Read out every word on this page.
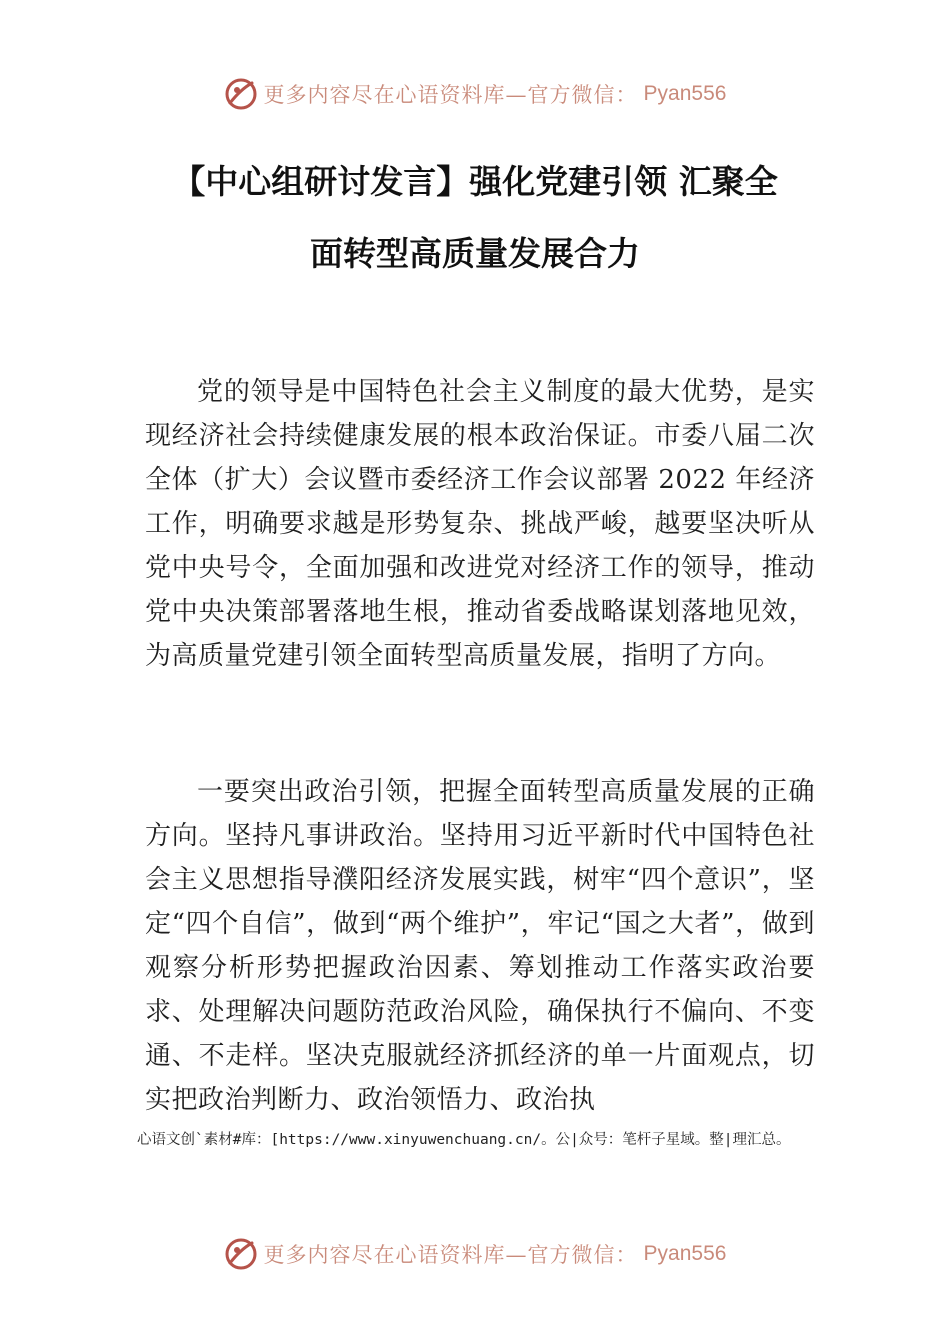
更多内容尽在心语资料库—官方微信： Pyan556
【中心组研讨发言】强化党建引领 汇聚全
面转型高质量发展合力

党的领导是中国特色社会主义制度的最大优势，是实现经济社会持续健康发展的根本政治保证。市委八届二次全体（扩大）会议暨市委经济工作会议部署 2022 年经济工作，明确要求越是形势复杂、挑战严峻，越要坚决听从党中央号令，全面加强和改进党对经济工作的领导，推动党中央决策部署落地生根，推动省委战略谋划落地见效，为高质量党建引领全面转型高质量发展，指明了方向。

一要突出政治引领，把握全面转型高质量发展的正确方向。坚持凡事讲政治。坚持用习近平新时代中国特色社会主义思想指导濮阳经济发展实践，树牢“四个意识”，坚定“四个自信”，做到“两个维护”，牢记“国之大者”，做到观察分析形势把握政治因素、筹划推动工作落实政治要求、处理解决问题防范政治风险，确保执行不偏向、不变通、不走样。坚决克服就经济抓经济的单一片面观点，切实把政治判断力、政治领悟力、政治执

心语文创`素材#库：[https://www.xinyuwenchuang.cn/。公|众号：笔杆子星域。整|理汇总。
更多内容尽在心语资料库—官方微信： Pyan556
